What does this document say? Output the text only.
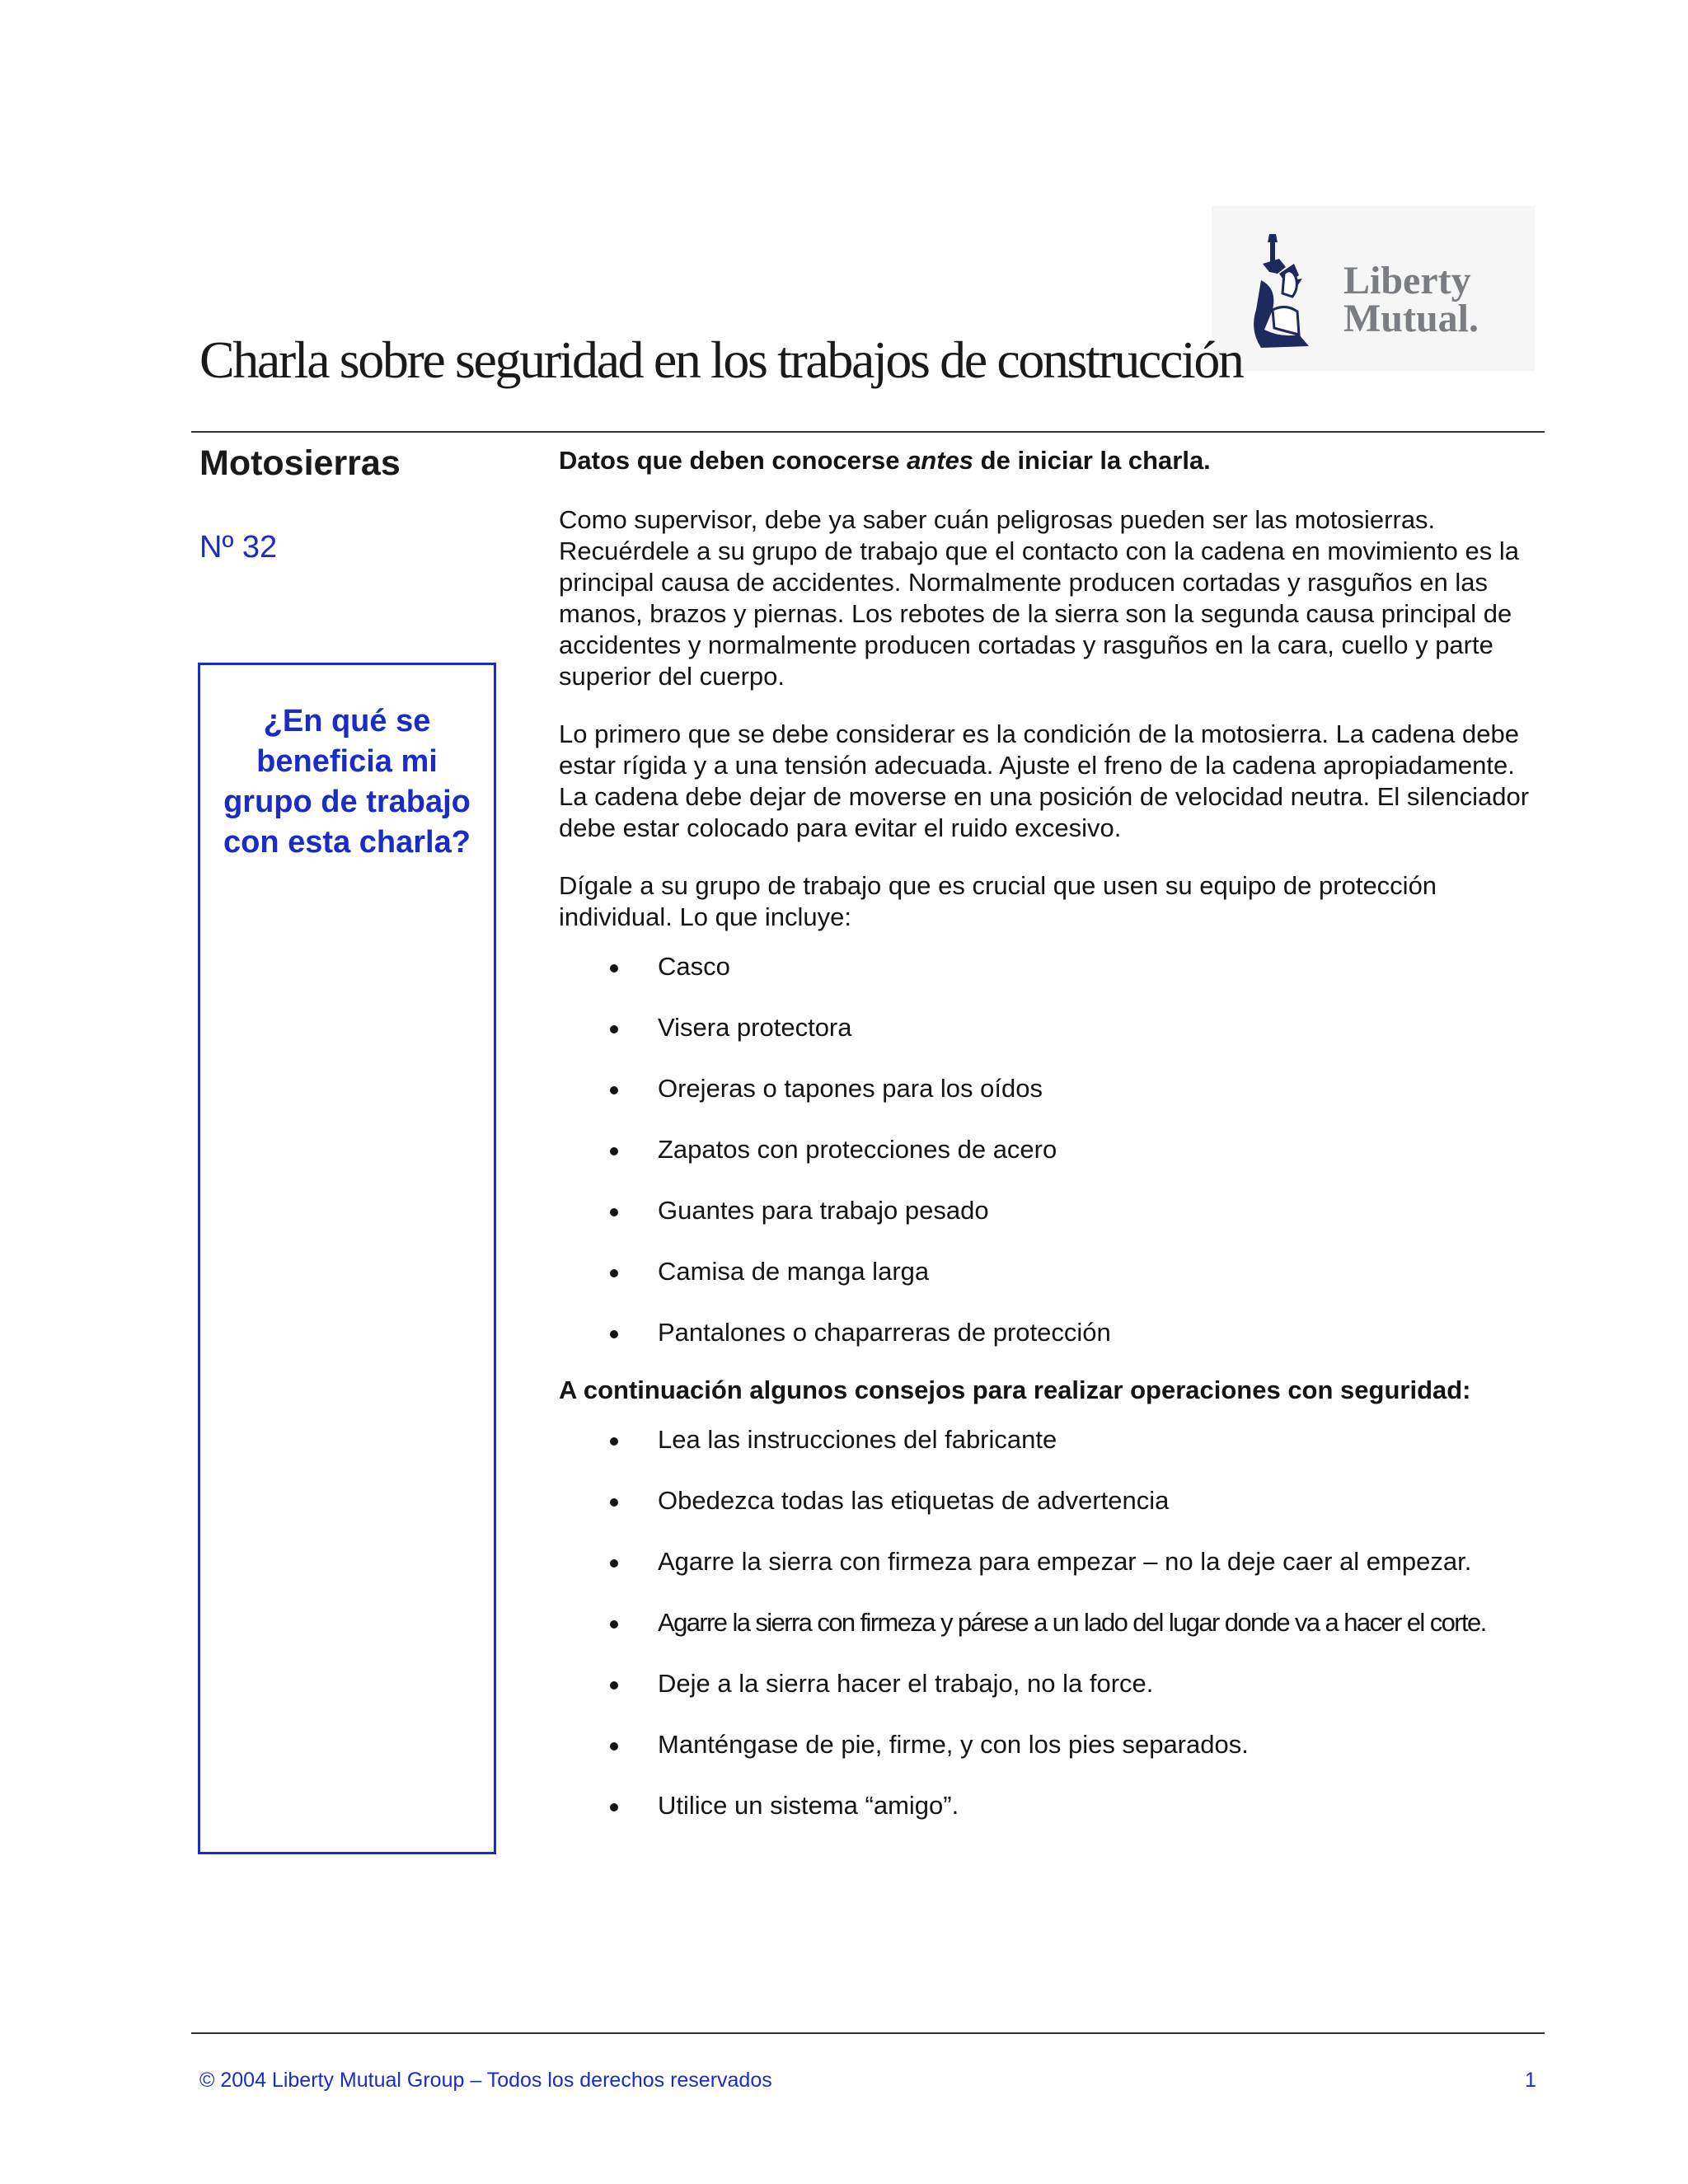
Liberty
Mutual.
Charla sobre seguridad en los trabajos de construcción
Motosierras
Nº 32
¿En qué se beneficia mi grupo de trabajo con esta charla?

Datos que deben conocerse antes de iniciar la charla.

Como supervisor, debe ya saber cuán peligrosas pueden ser las motosierras. Recuérdele a su grupo de trabajo que el contacto con la cadena en movimiento es la principal causa de accidentes. Normalmente producen cortadas y rasguños en las manos, brazos y piernas. Los rebotes de la sierra son la segunda causa principal de accidentes y normalmente producen cortadas y rasguños en la cara, cuello y parte superior del cuerpo.

Lo primero que se debe considerar es la condición de la motosierra. La cadena debe estar rígida y a una tensión adecuada. Ajuste el freno de la cadena apropiadamente. La cadena debe dejar de moverse en una posición de velocidad neutra. El silenciador debe estar colocado para evitar el ruido excesivo.

Dígale a su grupo de trabajo que es crucial que usen su equipo de protección individual. Lo que incluye:

Casco
Visera protectora
Orejeras o tapones para los oídos
Zapatos con protecciones de acero
Guantes para trabajo pesado
Camisa de manga larga
Pantalones o chaparreras de protección

A continuación algunos consejos para realizar operaciones con seguridad:

Lea las instrucciones del fabricante
Obedezca todas las etiquetas de advertencia
Agarre la sierra con firmeza para empezar – no la deje caer al empezar.
Agarre la sierra con firmeza y párese a un lado del lugar donde va a hacer el corte.
Deje a la sierra hacer el trabajo, no la force.
Manténgase de pie, firme, y con los pies separados.
Utilice un sistema “amigo”.
© 2004 Liberty Mutual Group – Todos los derechos reservados	1
